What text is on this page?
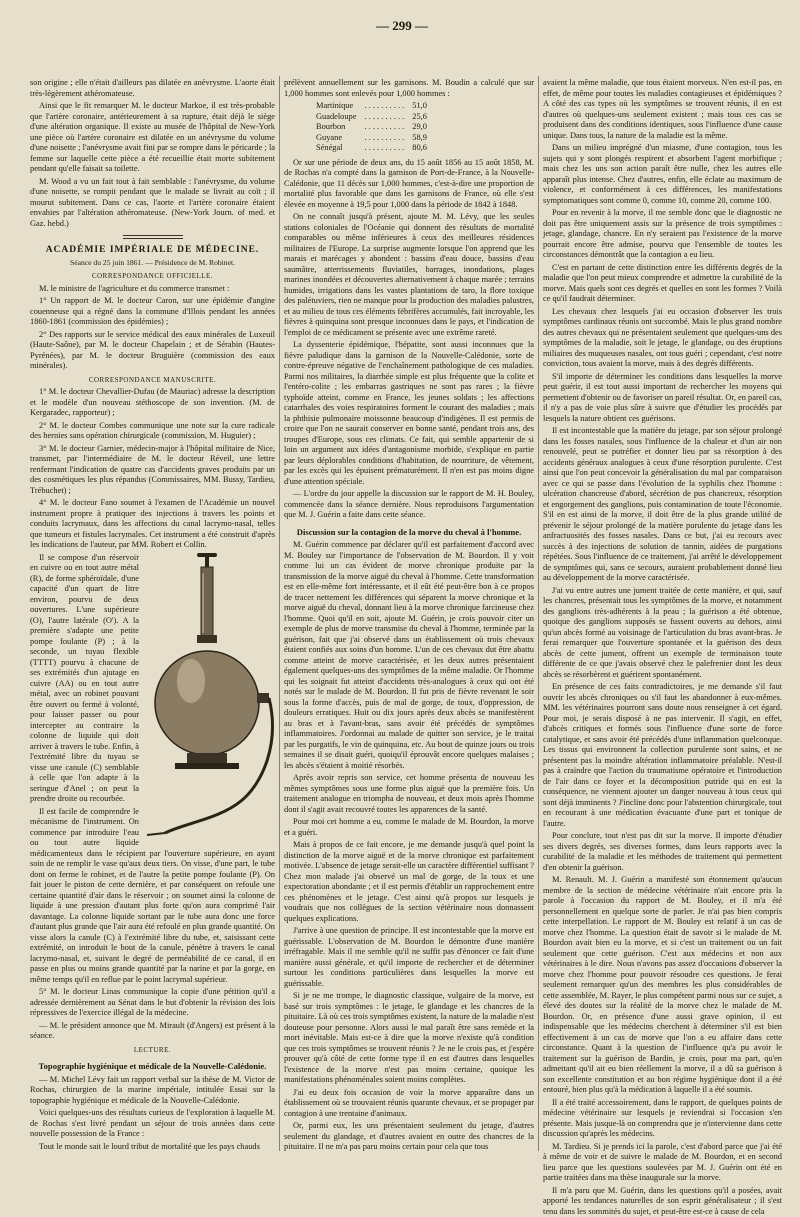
— 299 —

son origine ; elle n'était d'ailleurs pas dilatée en anévrysme. L'aorte était très-légèrement athéromateuse.

Ainsi que le fit remarquer M. le docteur Markoe, il est très-probable que l'artère coronaire, antérieurement à sa rupture, était déjà le siège d'une altération organique. Il existe au musée de l'hôpital de New-York une pièce où l'artère coronaire est dilatée en un anévrysme du volume d'une noisette ; l'anévrysme avait fini par se rompre dans le péricarde ; la femme sur laquelle cette pièce a été recueillie était morte subitement pendant qu'elle faisait sa toilette.

M. Wood a vu un fait tout à fait semblable : l'anévrysme, du volume d'une noisette, se rompit pendant que le malade se livrait au coït ; il mourut subitement. Dans ce cas, l'aorte et l'artère coronaire étaient envahies par l'altération athéromateuse. (New-York Journ. of med. et Gaz. hebd.)

ACADÉMIE IMPÉRIALE DE MÉDECINE.
Séance du 25 juin 1861. — Présidence de M. Robinet.
CORRESPONDANCE OFFICIELLE.

M. le ministre de l'agriculture et du commerce transmet :

1° Un rapport de M. le docteur Caron, sur une épidémie d'angine couenneuse qui a régné dans la commune d'Illois pendant les années 1860-1861 (commission des épidémies) ;

2° Des rapports sur le service médical des eaux minérales de Luxeuil (Haute-Saône), par M. le docteur Chapelain ; et de Sérabin (Hautes-Pyrénées), par M. le docteur Bruguière (commission des eaux minérales).

CORRESPONDANCE MANUSCRITE.

1° M. le docteur Chevallier-Dufau (de Mauriac) adresse la description et le modèle d'un nouveau stéthoscope de son invention. (M. de Kergaradec, rapporteur) ;

2° M. le docteur Combes communique une note sur la cure radicale des hernies sans opération chirurgicale (commission, M. Huguier) ;

3° M. le docteur Garnier, médecin-major à l'hôpital militaire de Nice, transmet, par l'intermédiaire de M. le docteur Réveil, une lettre renfermant l'indication de quatre cas d'accidents graves produits par un des cosmétiques les plus répandus (Commissaires, MM. Bussy, Tardieu, Trébuchet) ;

4° M. le docteur Fano soumet à l'examen de l'Académie un nouvel instrument propre à pratiquer des injections à travers les points et conduits lacrymaux, dans les affections du canal lacrymo-nasal, telles que tumeurs et fistules lacrymales. Cet instrument a été construit d'après les indications de l'auteur, par MM. Robert et Collin.

Il se compose d'un réservoir en cuivre ou en tout autre métal (R), de forme sphéroïdale, d'une capacité d'un quart de litre environ, pourvu de deux ouvertures. L'une supérieure (O), l'autre latérale (O'). A la première s'adapte une petite pompe foulante (P) ; à la seconde, un tuyau flexible (TTTT) pourvu à chacune de ses extrémités d'un ajutage en cuivre (AA) ou en tout autre métal, avec un robinet pouvant être ouvert ou fermé à volonté, pour laisser passer ou pour intercepter au contraire la colonne de liquide qui doit arriver à travers le tube. Enfin, à l'extrémité libre du tuyau se visse une canule (C) semblable à celle que l'on adapte à la seringue d'Anel ; on peut la prendre droite ou recourbée.

Il est facile de comprendre le mécanisme de l'instrument. On commence par introduire l'eau ou tout autre liquide médicamenteux dans le récipient par l'ouverture supérieure, en ayant soin de ne remplir le vase qu'aux deux tiers. On visse, d'une part, le tube dont on ferme le robinet, et de l'autre la petite pompe foulante (P). On fait jouer le piston de cette dernière, et par conséquent on refoule une certaine quantité d'air dans le réservoir ; on soumet ainsi la colonne de liquide à une pression d'autant plus forte qu'on aura comprimé l'air davantage. La colonne liquide sortant par le tube aura donc une force d'autant plus grande que l'air aura été refoulé en plus grande quantité. On visse alors la canule (C) à l'extrémité libre du tube, et, saisissant cette extrémité, on introduit le bout de la canule, pénètre à travers le canal lacrymo-nasal, et, suivant le degré de perméabilité de ce canal, il en passe en plus ou moins grande quantité par la narine et par la gorge, en même temps qu'il en reflue par le point lacrymal supérieur.

5° M. le docteur Linas communique la copie d'une pétition qu'il a adressée dernièrement au Sénat dans le but d'obtenir la révision des lois répressives de l'exercice illégal de la médecine.

— M. le président annonce que M. Mirault (d'Angers) est présent à la séance.

LECTURE.
Topographie hygiénique et médicale de la Nouvelle-Calédonie.

— M. Michel Lévy fait un rapport verbal sur la thèse de M. Victor de Rochas, chirurgien de la marine impériale, intitulée Essai sur la topographie hygiénique et médicale de la Nouvelle-Calédonie.

Voici quelques-uns des résultats curieux de l'exploration à laquelle M. de Rochas s'est livré pendant un séjour de trois années dans cette nouvelle possession de la France :

Tout le monde sait le lourd tribut de mortalité que les pays chauds

prélèvent annuellement sur les garnisons. M. Boudin a calculé que sur 1,000 hommes sont enlevés pour 1,000 hommes :

Martinique	. . . . . . . . . .	51,0
Guadeloupe	. . . . . . . . . .	25,6
Bourbon	. . . . . . . . . .	29,0
Guyane	. . . . . . . . . .	58,9
Sénégal	. . . . . . . . . .	80,6

Or sur une période de deux ans, du 15 août 1856 au 15 août 1858, M. de Rochas n'a compté dans la garnison de Port-de-France, à la Nouvelle-Calédonie, que 11 décès sur 1,000 hommes, c'est-à-dire une proportion de mortalité plus favorable que dans les garnisons de France, où elle s'est élevée en moyenne à 19,5 pour 1,000 dans la période de 1842 à 1848.

On ne connaît jusqu'à présent, ajoute M. M. Lévy, que les seules stations coloniales de l'Océanie qui donnent des résultats de mortalité comparables ou même inférieures à ceux des meilleures résidences militaires de l'Europe. La surprise augmente lorsque l'on apprend que les marais et marécages y abondent : bassins d'eau douce, bassins d'eau saumâtre, atterrissements fluviatiles, barrages, inondations, plages marines inondées et découvertes alternativement à chaque marée ; terrains humides, irrigations dans les vastes plantations de taro, la flore toxique des palétuviers, rien ne manque pour la production des maladies palustres, et au milieu de tous ces éléments fébrifères accumulés, fait incroyable, les fièvres à quinquina sont presque inconnues dans le pays, et l'indication de l'emploi de ce médicament se présente avec une extrême rareté.

La dyssenterie épidémique, l'hépatite, sont aussi inconnues que la fièvre paludique dans la garnison de la Nouvelle-Calédonie, sorte de contre-épreuve négative de l'enchaînement pathologique de ces maladies. Parmi nos militaires, la diarrhée simple est plus fréquente que la colite et l'entéro-colite ; les embarras gastriques ne sont pas rares ; la fièvre typhoïde atteint, comme en France, les jeunes soldats ; les affections catarrhales des voies respiratoires forment le courant des maladies ; mais la phthisie pulmonaire moissonne beaucoup d'indigènes. Il est permis de croire que l'on ne saurait conserver en bonne santé, pendant trois ans, des troupes d'Europe, sous ces climats. Ce fait, qui semble appartenir de si loin un argument aux idées d'antagonisme morbide, s'explique en partie par leurs déplorables conditions d'habitation, de nourriture, de vêtement, par les excès qui les épuisent prématurément. Il n'en est pas moins digne d'une attention spéciale.

— L'ordre du jour appelle la discussion sur le rapport de M. H. Bouley, commencée dans la séance dernière. Nous reproduisons l'argumentation que M. J. Guérin a faite dans cette séance.

Discussion sur la contagion de la morve du cheval à l'homme.

M. Guérin commence par déclarer qu'il est parfaitement d'accord avec M. Bouley sur l'importance de l'observation de M. Bourdon. Il y voit comme lui un cas évident de morve chronique produite par la transmission de la morve aiguë du cheval à l'homme. Cette transformation est en elle-même fort intéressante, et il eût été peut-être bon à ce propos de tracer nettement les différences qui séparent la morve chronique et la morve aiguë du cheval, donnant lieu à la morve chronique farcineuse chez l'homme. Quoi qu'il en soit, ajoute M. Guérin, je crois pouvoir citer un exemple de plus de morve transmise du cheval à l'homme, terminée par la guérison, fait que j'ai observé dans un établissement où trois chevaux étaient confiés aux soins d'un homme. L'un de ces chevaux dut être abattu comme atteint de morve caractérisée, et les deux autres présentaient également quelques-uns des symptômes de la même maladie. Or l'homme qui les soignait fut atteint d'accidents très-analogues à ceux qui ont été notés sur le malade de M. Bourdon. Il fut pris de fièvre revenant le soir sous la forme d'accès, puis de mal de gorge, de toux, d'oppression, de douleurs erratiques. Huit ou dix jours après deux abcès se manifestèrent au bras et à l'avant-bras, sans avoir été précédés de symptômes inflammatoires. J'ordonnai au malade de quitter son service, je le traitai par les purgatifs, le vin de quinquina, etc. Au bout de quinze jours ou trois semaines il se disait guéri, quoiqu'il éprouvât encore quelques malaises ; les abcès s'étaient à moitié résorbés.

Après avoir repris son service, cet homme présenta de nouveau les mêmes symptômes sous une forme plus aiguë que la première fois. Un traitement analogue en triompha de nouveau, et deux mois après l'homme dont il s'agit avait recouvré toutes les apparences de la santé.

Pour moi cet homme a eu, comme le malade de M. Bourdon, la morve et a guéri.

Mais à propos de ce fait encore, je me demande jusqu'à quel point la distinction de la morve aiguë et de la morve chronique est parfaitement motivée. L'absence de jetage serait-elle un caractère différentiel suffisant ? Chez mon malade j'ai observé un mal de gorge, de la toux et une expectoration abondante ; et il est permis d'établir un rapprochement entre ces phénomènes et le jetage. C'est ainsi qu'à propos sur lesquels je voudrais que nos collègues de la section vétérinaire nous donnassent quelques explications.

J'arrive à une question de principe. Il est incontestable que la morve est guérissable. L'observation de M. Bourdon le démontre d'une manière irréfragable. Mais il me semble qu'il ne suffit pas d'énoncer ce fait d'une manière aussi générale, et qu'il importe de rechercher et de déterminer surtout les conditions particulières dans lesquelles la morve est guérissable.

Si je ne me trompe, le diagnostic classique, vulgaire de la morve, est basé sur trois symptômes : le jetage, le glandage et les chancres de la pituitaire. Là où ces trois symptômes existent, la nature de la maladie n'est douteuse pour personne. Alors aussi le mal paraît être sans remède et la mort inévitable. Mais est-ce à dire que la morve n'existe qu'à condition que ces trois symptômes se trouvent réunis ? Je ne le crois pas, et j'espère prouver qu'à côté de cette forme type il en est d'autres dans lesquelles l'existence de la morve n'est pas moins certaine, quoique les manifestations phénoménales soient moins complètes.

J'ai eu deux fois occasion de voir la morve apparaître dans un établissement où se trouvaient réunis quarante chevaux, et se propager par contagion à une trentaine d'animaux.

Or, parmi eux, les uns présentaient seulement du jetage, d'autres seulement du glandage, et d'autres avaient en outre des chancres de la pituitaire. Il ne m'a pas paru moins certain pour cela que tous

avaient la même maladie, que tous étaient morveux. N'en est-il pas, en effet, de même pour toutes les maladies contagieuses et épidémiques ? A côté des cas types où les symptômes se trouvent réunis, il en est d'autres où quelques-uns seulement existent ; mais tous ces cas se produisent dans des conditions identiques, sous l'influence d'une cause unique. Dans tous, la nature de la maladie est la même.

Dans un milieu imprégné d'un miasme, d'une contagion, tous les sujets qui y sont plongés respirent et absorbent l'agent morbifique ; mais chez les uns son action paraît être nulle, chez les autres elle apparaît plus intense. Chez d'autres, enfin, elle éclate au maximum de violence, et conformément à ces différences, les manifestations symptomatiques sont comme 0, comme 10, comme 20, comme 100.

Pour en revenir à la morve, il me semble donc que le diagnostic ne doit pas être uniquement assis sur la présence de trois symptômes : jetage, glandage, chancre. En n'y seraient pas l'existence de la morve pourrait encore être admise, pourvu que l'ensemble de toutes les circonstances démontrât que la contagion a eu lieu.

C'est en partant de cette distinction entre les différents degrés de la maladie que l'on peut mieux comprendre et admettre la curabilité de la morve. Mais quels sont ces degrés et quelles en sont les formes ? Voilà ce qu'il faudrait déterminer.

Les chevaux chez lesquels j'ai eu occasion d'observer les trois symptômes cardinaux réunis ont succombé. Mais le plus grand nombre des autres chevaux qui ne présentaient seulement que quelques-uns des symptômes de la maladie, soit le jetage, le glandage, ou des éruptions miliaires des muqueuses nasales, ont tous guéri ; cependant, c'est notre conviction, tous avaient la morve, mais à des degrés différents.

S'il importe de déterminer les conditions dans lesquelles la morve peut guérir, il est tout aussi important de rechercher les moyens qui permettent d'obtenir ou de favoriser un pareil résultat. Or, en pareil cas, il n'y a pas de voie plus sûre à suivre que d'étudier les procédés par lesquels la nature obtient ces guérisons.

Il est incontestable que la matière du jetage, par son séjour prolongé dans les fosses nasales, sous l'influence de la chaleur et d'un air non renouvelé, peut se putréfier et donner lieu par sa résorption à des accidents généraux analogues à ceux d'une résorption purulente. C'est ainsi que l'on peut concevoir la généralisation du mal par comparaison avec ce qui se passe dans l'évolution de la syphilis chez l'homme : ulcération chancreuse d'abord, sécrétion de pus chancreux, résorption et engorgement des ganglions, puis contamination de toute l'économie. S'il en est ainsi de la morve, il doit être de la plus grande utilité de prévenir le séjour prolongé de la matière purulente du jetage dans les anfractuosités des fosses nasales. Dans ce but, j'ai eu recours avec succès à des injections de solution de tannin, aidées de purgations répétées. Sous l'influence de ce traitement, j'ai arrêté le développement de symptômes qui, sans ce secours, auraient probablement donné lieu au développement de la morve caractérisée.

J'ai vu entre autres une jument traitée de cette manière, et qui, sauf les chancres, présentait tous les symptômes de la morve, et notamment des ganglions très-adhérents à la peau ; la guérison a été obtenue, quoique des ganglions supposés se fussent ouverts au dehors, ainsi qu'un abcès formé au voisinage de l'articulation du bras avant-bras. Je ferai remarquer que l'ouverture spontanée et la guérison des deux abcès de cette jument, offrent un exemple de terminaison toute différente de ce que j'avais observé chez le palefrenier dont les deux abcès se résorbèrent et guérirent spontanément.

En présence de ces faits contradictoires, je me demande s'il faut ouvrir les abcès chroniques ou s'il faut les abandonner à eux-mêmes. MM. les vétérinaires pourront sans doute nous renseigner à cet égard. Pour moi, je serais disposé à ne pas intervenir. Il s'agit, en effet, d'abcès critiques et formés sous l'influence d'une sorte de force catalytique, et sans avoir été précédés d'une inflammation quelconque. Les tissus qui environnent la collection purulente sont sains, et ne présentent pas la moindre altération inflammatoire préalable. N'est-il pas à craindre que l'action du traumatisme opératoire et l'introduction de l'air dans ce foyer et la décomposition putride qui en est la conséquence, ne viennent ajouter un danger nouveau à tous ceux qui sont déjà imminents ? J'incline donc pour l'abstention chirurgicale, tout en recourant à une médication évacuante d'une part et tonique de l'autre.

Pour conclure, tout n'est pas dit sur la morve. Il importe d'étudier ses divers degrés, ses diverses formes, dans leurs rapports avec la curabilité de la maladie et les méthodes de traitement qui permettent d'en obtenir la guérison.

M. Renault. M. J. Guérin a manifesté son étonnement qu'aucun membre de la section de médecine vétérinaire n'ait encore pris la parole à l'occasion du rapport de M. Bouley, et il m'a été personnellement en quelque sorte de parler. Je n'ai pas bien compris cette interpellation. Le rapport de M. Bouley est relatif à un cas de morve chez l'homme. La question était de savoir si le malade de M. Bourdon avait bien eu la morve, et si c'est un traitement ou un fait seulement que cette guérison. C'est aux médecins et non aux vétérinaires à le dire. Nous n'avons pas assez d'occasions d'observer la morve chez l'homme pour pouvoir résoudre ces questions. Je ferai seulement remarquer qu'un des membres les plus considérables de cette assemblée, M. Rayer, le plus compétent parmi nous sur ce sujet, a élevé des doutes sur la réalité de la morve chez le malade de M. Bourdon. Or, en présence d'une aussi grave opinion, il est indispensable que les médecins cherchent à déterminer s'il est bien effectivement à un cas de morve que l'on a eu affaire dans cette circonstance. Quant à la question de l'influence qu'a pu avoir le traitement sur la guérison de Bardin, je crois, pour ma part, qu'en admettant qu'il ait eu bien réellement la morve, il a dû sa guérison à son excellente constitution et au bon régime hygiénique dont il a été entouré, bien plus qu'à la médication à laquelle il a été soumis.

Il a été traité accessoirement, dans le rapport, de quelques points de médecine vétérinaire sur lesquels je reviendrai si l'occasion s'en présente. Mais jusque-là on comprendra que je n'intervienne dans cette discussion qu'après les médecins.

M. Tardieu. Si je prends ici la parole, c'est d'abord parce que j'ai été à même de voir et de suivre le malade de M. Bourdon, et en second lieu parce que les questions soulevées par M. J. Guérin ont été en partie traitées dans ma thèse inaugurale sur la morve.

Il m'a paru que M. Guérin, dans les questions qu'il a posées, avait apporté les tendances naturelles de son esprit généralisateur ; il s'est tenu dans les sommités du sujet, et peut-être est-ce à cause de cela
